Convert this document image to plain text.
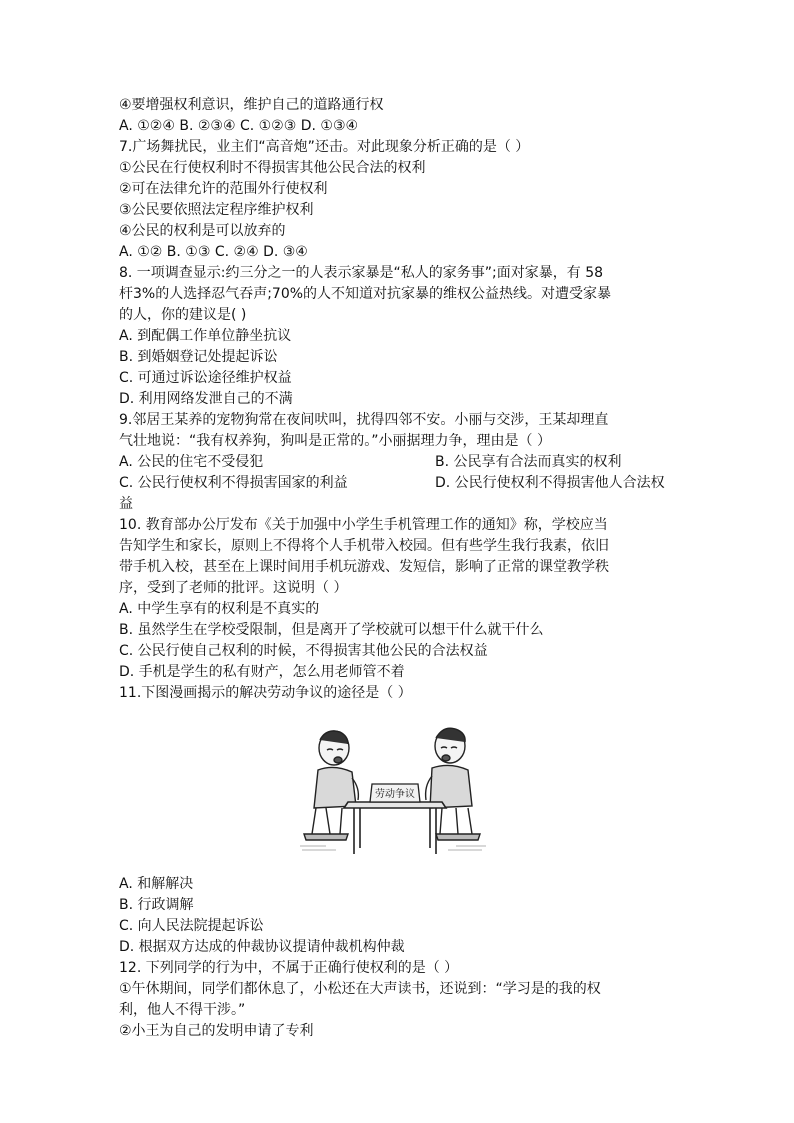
④要增强权利意识，维护自己的道路通行权
A. ①②④ B. ②③④ C. ①②③ D. ①③④
7.广场舞扰民，业主们“高音炮”还击。对此现象分析正确的是（ ）
①公民在行使权利时不得损害其他公民合法的权利
②可在法律允许的范围外行使权利
③公民要依照法定程序维护权利
④公民的权利是可以放弃的
A. ①② B. ①③ C. ②④ D. ③④
8. 一项调查显示:约三分之一的人表示家暴是“私人的家务事”;面对家暴，有 58
杆3%的人选择忍气吞声;70%的人不知道对抗家暴的维权公益热线。对遭受家暴
的人，你的建议是( )
A. 到配偶工作单位静坐抗议
B. 到婚姻登记处提起诉讼
C. 可通过诉讼途径维护权益
D. 利用网络发泄自己的不满
9.邻居王某养的宠物狗常在夜间吠叫，扰得四邻不安。小丽与交涉，王某却理直
气壮地说：“我有权养狗，狗叫是正常的。”小丽据理力争，理由是（ ）
A. 公民的住宅不受侵犯	B. 公民享有合法而真实的权利
C. 公民行使权利不得损害国家的利益	D. 公民行使权利不得损害他人合法权
益
10. 教育部办公厅发布《关于加强中小学生手机管理工作的通知》称，学校应当
告知学生和家长，原则上不得将个人手机带入校园。但有些学生我行我素，依旧
带手机入校，甚至在上课时间用手机玩游戏、发短信，影响了正常的课堂教学秩
序，受到了老师的批评。这说明（ ）
A. 中学生享有的权利是不真实的
B. 虽然学生在学校受限制，但是离开了学校就可以想干什么就干什么
C. 公民行使自己权利的时候，不得损害其他公民的合法权益
D. 手机是学生的私有财产，怎么用老师管不着
11.下图漫画揭示的解决劳动争议的途径是（ ）
劳动争议
A. 和解解决
B. 行政调解
C. 向人民法院提起诉讼
D. 根据双方达成的仲裁协议提请仲裁机构仲裁
12. 下列同学的行为中，不属于正确行使权利的是（ ）
①午休期间，同学们都休息了，小松还在大声读书，还说到：“学习是的我的权
利，他人不得干涉。”
②小王为自己的发明申请了专利
